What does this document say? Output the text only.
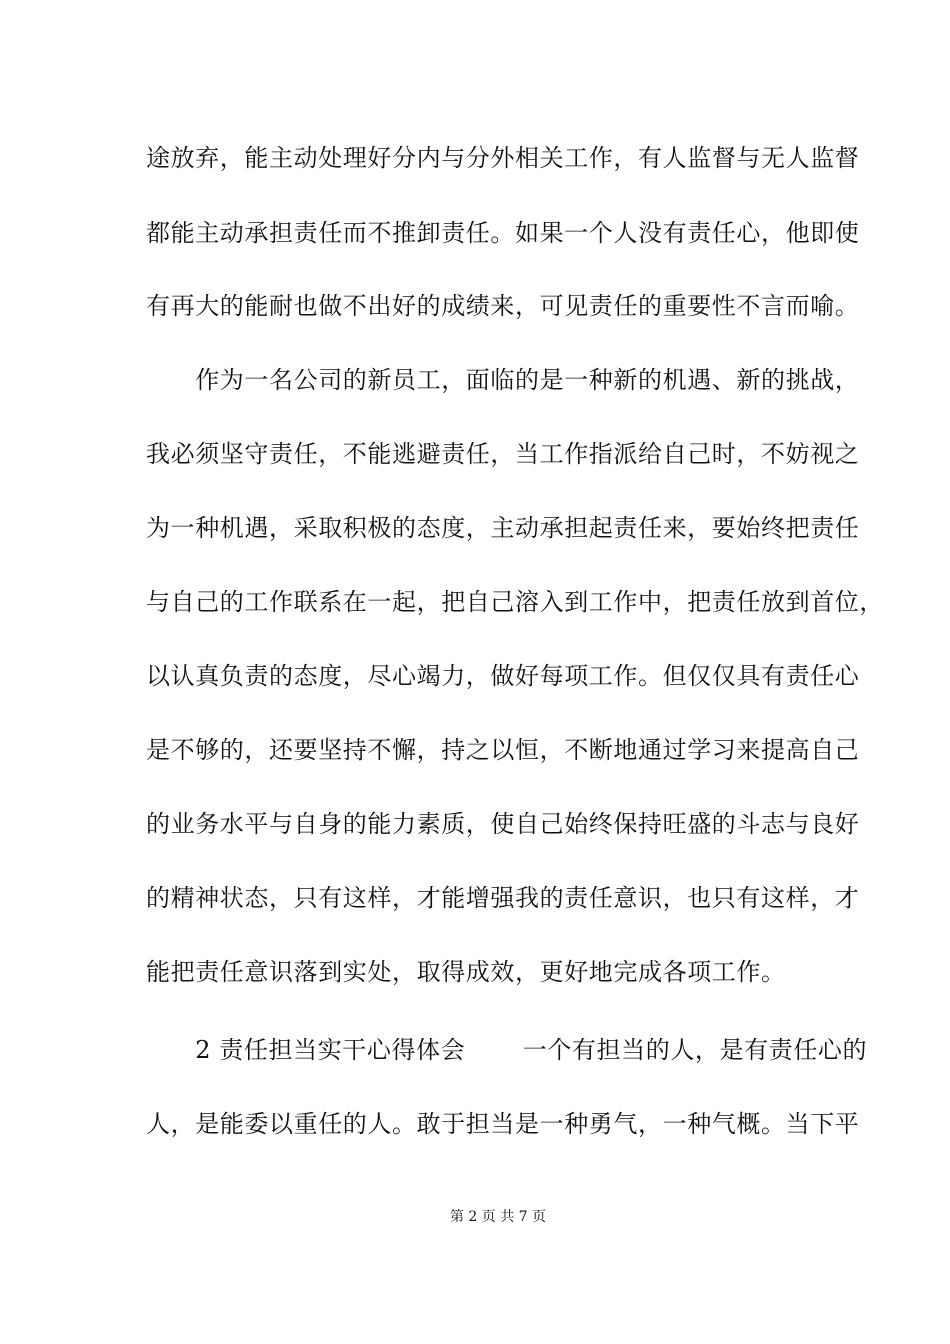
途放弃，能主动处理好分内与分外相关工作，有人监督与无人监督
都能主动承担责任而不推卸责任。如果一个人没有责任心，他即使
有再大的能耐也做不出好的成绩来，可见责任的重要性不言而喻。
　　作为一名公司的新员工，面临的是一种新的机遇、新的挑战，
我必须坚守责任，不能逃避责任，当工作指派给自己时，不妨视之
为一种机遇，采取积极的态度，主动承担起责任来，要始终把责任
与自己的工作联系在一起，把自己溶入到工作中，把责任放到首位，
以认真负责的态度，尽心竭力，做好每项工作。但仅仅具有责任心
是不够的，还要坚持不懈，持之以恒，不断地通过学习来提高自己
的业务水平与自身的能力素质，使自己始终保持旺盛的斗志与良好
的精神状态，只有这样，才能增强我的责任意识，也只有这样，才
能把责任意识落到实处，取得成效，更好地完成各项工作。
　　2 责任担当实干心得体会　　 一个有担当的人，是有责任心的
人，是能委以重任的人。敢于担当是一种勇气，一种气概。当下平
第 2 页 共 7 页
